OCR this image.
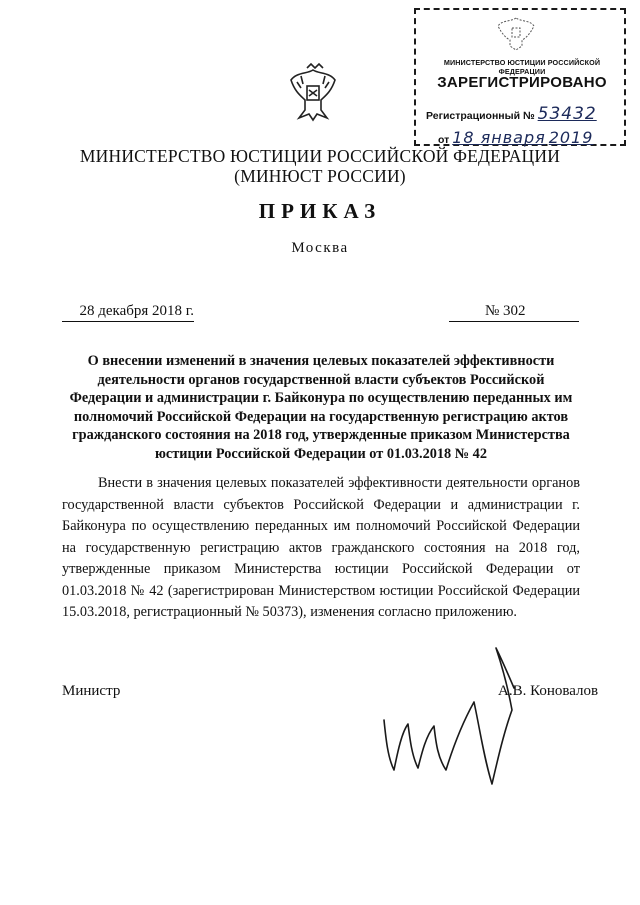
МИНИСТЕРСТВО ЮСТИЦИИ РОССИЙСКОЙ ФЕДЕРАЦИИ
ЗАРЕГИСТРИРОВАНО
Регистрационный № 53432
от 18 января 2019
МИНИСТЕРСТВО ЮСТИЦИИ РОССИЙСКОЙ ФЕДЕРАЦИИ
(МИНЮСТ РОССИИ)
ПРИКАЗ
Москва
28 декабря 2018 г.	№ 302
О внесении изменений в значения целевых показателей эффективности деятельности органов государственной власти субъектов Российской Федерации и администрации г. Байконура по осуществлению переданных им полномочий Российской Федерации на государственную регистрацию актов гражданского состояния на 2018 год, утвержденные приказом Министерства юстиции Российской Федерации от 01.03.2018 № 42
Внести в значения целевых показателей эффективности деятельности органов государственной власти субъектов Российской Федерации и администрации г. Байконура по осуществлению переданных им полномочий Российской Федерации на государственную регистрацию актов гражданского состояния на 2018 год, утвержденные приказом Министерства юстиции Российской Федерации от 01.03.2018 № 42 (зарегистрирован Министерством юстиции Российской Федерации 15.03.2018, регистрационный № 50373), изменения согласно приложению.
Министр	А.В. Коновалов
